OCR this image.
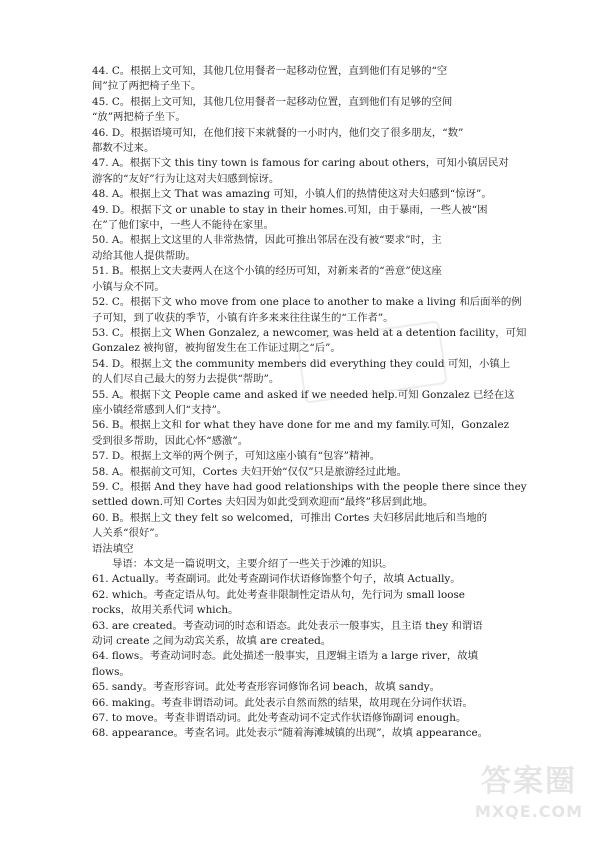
44. C。根据上文可知，其他几位用餐者一起移动位置，直到他们有足够的“空
间”拉了两把椅子坐下。
45. C。根据上文可知，其他几位用餐者一起移动位置，直到他们有足够的空间
“放”两把椅子坐下。
46. D。根据语境可知，在他们接下来就餐的一小时内，他们交了很多朋友，“数”
都数不过来。
47. A。根据下文 this tiny town is famous for caring about others，可知小镇居民对
游客的“友好”行为让这对夫妇感到惊讶。
48. A。根据上文 That was amazing 可知，小镇人们的热情使这对夫妇感到“惊讶”。
49. D。根据下文 or unable to stay in their homes.可知，由于暴雨，一些人被“困
在”了他们家中，一些人不能待在家里。
50. A。根据上文这里的人非常热情，因此可推出邻居在没有被“要求”时，主
动给其他人提供帮助。
51. B。根据上文夫妻两人在这个小镇的经历可知，对新来者的“善意”使这座
小镇与众不同。
52. C。根据下文 who move from one place to another to make a living 和后面举的例
子可知，到了收获的季节，小镇有许多来来往往谋生的“工作者”。
53. C。根据上文 When Gonzalez, a newcomer, was held at a detention facility，可知
Gonzalez 被拘留，被拘留发生在工作证过期之“后”。
54. D。根据上文 the community members did everything they could 可知，小镇上
的人们尽自己最大的努力去提供“帮助”。
55. A。根据下文 People came and asked if we needed help.可知 Gonzalez 已经在这
座小镇经常感到人们“支持”。
56. B。根据上文和 for what they have done for me and my family.可知，Gonzalez
受到很多帮助，因此心怀“感激”。
57. D。根据上文举的两个例子，可知这座小镇有“包容”精神。
58. A。根据前文可知，Cortes 夫妇开始“仅仅”只是旅游经过此地。
59. C。根据 And they have had good relationships with the people there since they
settled down.可知 Cortes 夫妇因为如此受到欢迎而“最终”移居到此地。
60. B。根据上文 they felt so welcomed，可推出 Cortes 夫妇移居此地后和当地的
人关系“很好”。
语法填空
导语：本文是一篇说明文，主要介绍了一些关于沙滩的知识。
61. Actually。考查副词。此处考查副词作状语修饰整个句子，故填 Actually。
62. which。考查定语从句。此处考查非限制性定语从句，先行词为 small loose
rocks，故用关系代词 which。
63. are created。考查动词的时态和语态。此处表示一般事实，且主语 they 和谓语
动词 create 之间为动宾关系，故填 are created。
64. flows。考查动词时态。此处描述一般事实，且逻辑主语为 a large river，故填
flows。
65. sandy。考查形容词。此处考查形容词修饰名词 beach，故填 sandy。
66. making。考查非谓语动词。此处表示自然而然的结果，故用现在分词作状语。
67. to move。考查非谓语动词。此处考查动词不定式作状语修饰副词 enough。
68. appearance。考查名词。此处表示“随着海滩城镇的出现”，故填 appearance。
答案圈
MXQE.COM
